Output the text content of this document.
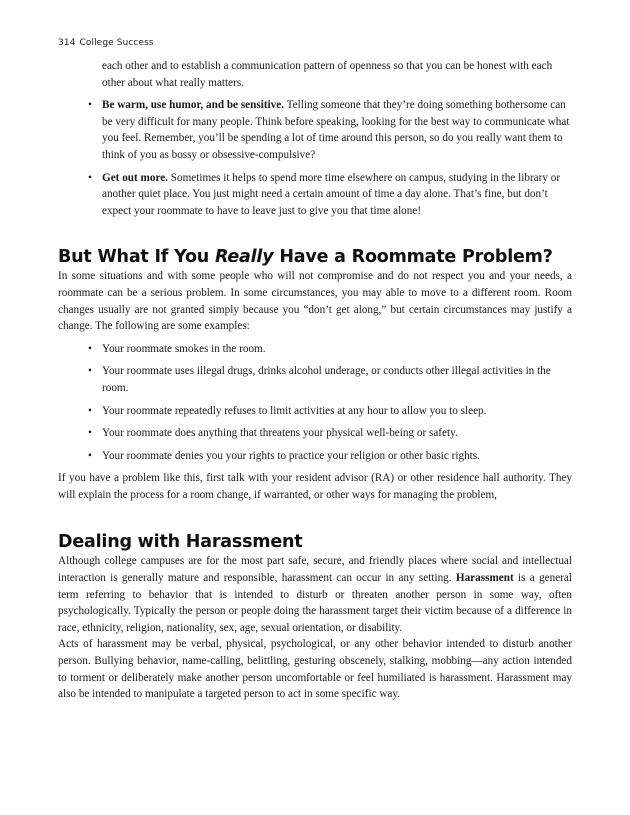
314 College Success

each other and to establish a communication pattern of openness so that you can be honest with each other about what really matters.

• Be warm, use humor, and be sensitive. Telling someone that they’re doing something bothersome can be very difficult for many people. Think before speaking, looking for the best way to communicate what you feel. Remember, you’ll be spending a lot of time around this person, so do you really want them to think of you as bossy or obsessive-compulsive?
• Get out more. Sometimes it helps to spend more time elsewhere on campus, studying in the library or another quiet place. You just might need a certain amount of time a day alone. That’s fine, but don’t expect your roommate to have to leave just to give you that time alone!
But What If You Really Have a Roommate Problem?

In some situations and with some people who will not compromise and do not respect you and your needs, a roommate can be a serious problem. In some circumstances, you may able to move to a different room. Room changes usually are not granted simply because you “don’t get along,” but certain circumstances may justify a change. The following are some examples:

• Your roommate smokes in the room.
• Your roommate uses illegal drugs, drinks alcohol underage, or conducts other illegal activities in the room.
• Your roommate repeatedly refuses to limit activities at any hour to allow you to sleep.
• Your roommate does anything that threatens your physical well-being or safety.
• Your roommate denies you your rights to practice your religion or other basic rights.

If you have a problem like this, first talk with your resident advisor (RA) or other residence hall authority. They will explain the process for a room change, if warranted, or other ways for managing the problem,

Dealing with Harassment

Although college campuses are for the most part safe, secure, and friendly places where social and intellectual interaction is generally mature and responsible, harassment can occur in any setting. Harassment is a general term referring to behavior that is intended to disturb or threaten another person in some way, often psychologically. Typically the person or people doing the harassment target their victim because of a difference in race, ethnicity, religion, nationality, sex, age, sexual orientation, or disability.

Acts of harassment may be verbal, physical, psychological, or any other behavior intended to disturb another person. Bullying behavior, name-calling, belittling, gesturing obscenely, stalking, mobbing—any action intended to torment or deliberately make another person uncomfortable or feel humiliated is harassment. Harassment may also be intended to manipulate a targeted person to act in some specific way.
